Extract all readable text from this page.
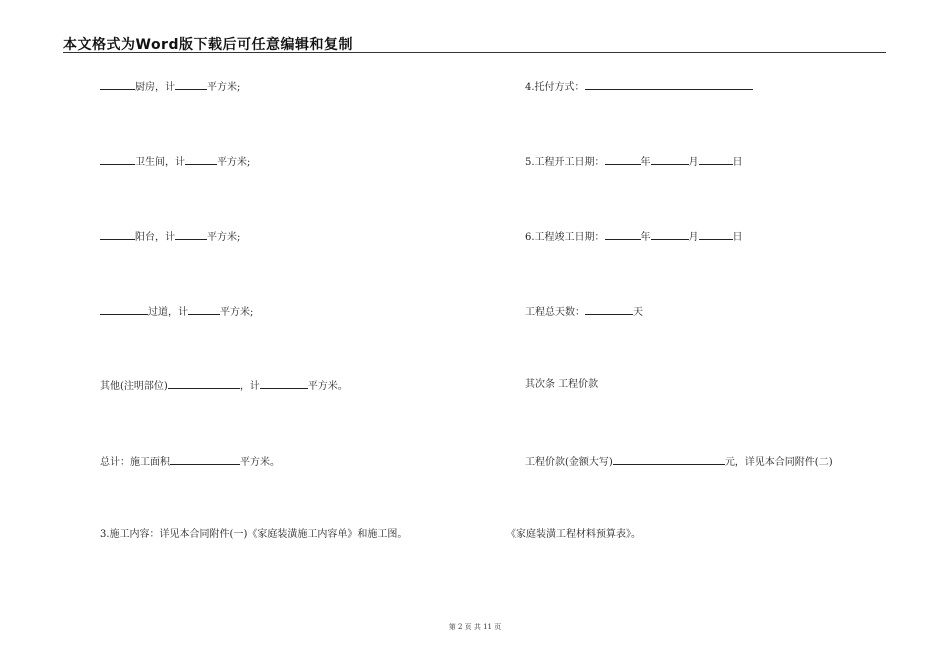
本文格式为Word版下载后可任意编辑和复制
厨房，计	平方米;
卫生间，计	平方米;
阳台，计	平方米;
过道，计	平方米;
其他(注明部位)	，计	平方米。
总计：施工面积	平方米。
3.施工内容：详见本合同附件(一)《家庭装潢施工内容单》和施工图。
4.托付方式：
5.工程开工日期：	年	月	日
6.工程竣工日期：	年	月	日
工程总天数：	天
其次条 工程价款
工程价款(金额大写)	元，详见本合同附件(二)
《家庭装潢工程材料预算表》。
第 2 页 共 11 页
